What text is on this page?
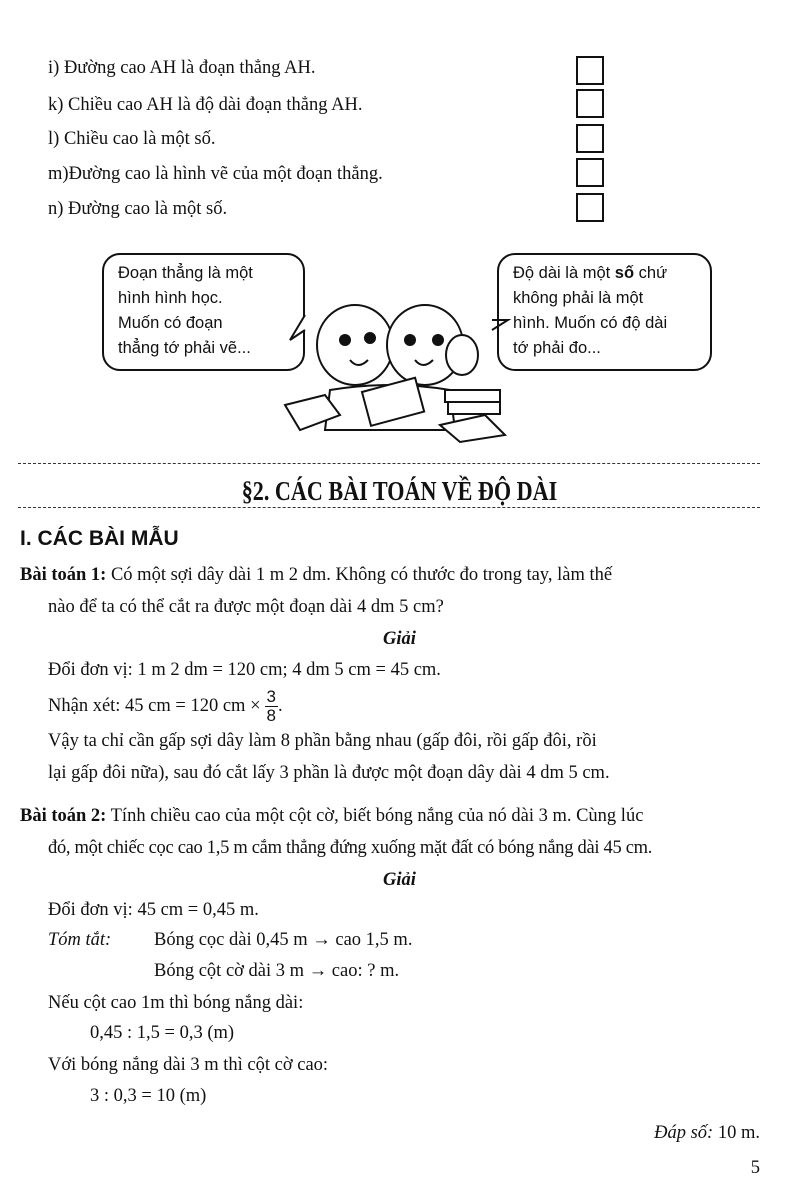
i) Đường cao AH là đoạn thẳng AH.
k) Chiều cao AH là độ dài đoạn thẳng AH.
l) Chiều cao là một số.
m)Đường cao là hình vẽ của một đoạn thẳng.
n) Đường cao là một số.
Đoạn thẳng là một
hình hình học.
Muốn có đoạn
thẳng tớ phải vẽ...
Độ dài là một số chứ
không phải là một
hình. Muốn có độ dài
tớ phải đo...
§2. CÁC BÀI TOÁN VỀ ĐỘ DÀI
I. CÁC BÀI MẪU
Bài toán 1: Có một sợi dây dài 1 m 2 dm. Không có thước đo trong tay, làm thế
nào để ta có thể cắt ra được một đoạn dài 4 dm 5 cm?
Giải
Đổi đơn vị: 1 m 2 dm = 120 cm; 4 dm 5 cm = 45 cm.
Nhận xét: 45 cm = 120 cm × $\frac{3}{8}$ .
Vậy ta chỉ cần gấp sợi dây làm 8 phần bằng nhau (gấp đôi, rồi gấp đôi, rồi
lại gấp đôi nữa), sau đó cắt lấy 3 phần là được một đoạn dây dài 4 dm 5 cm.
Bài toán 2: Tính chiều cao của một cột cờ, biết bóng nắng của nó dài 3 m. Cùng lúc
đó, một chiếc cọc cao 1,5 m cắm thẳng đứng xuống mặt đất có bóng nắng dài 45 cm.
Giải
Đổi đơn vị: 45 cm = 0,45 m.
Tóm tắt: Bóng cọc dài 0,45 m → cao 1,5 m.
Bóng cột cờ dài 3 m → cao: ? m.
Nếu cột cao 1m thì bóng nắng dài:
0,45 : 1,5 = 0,3 (m)
Với bóng nắng dài 3 m thì cột cờ cao:
3 : 0,3 = 10 (m)
Đáp số: 10 m.
5
